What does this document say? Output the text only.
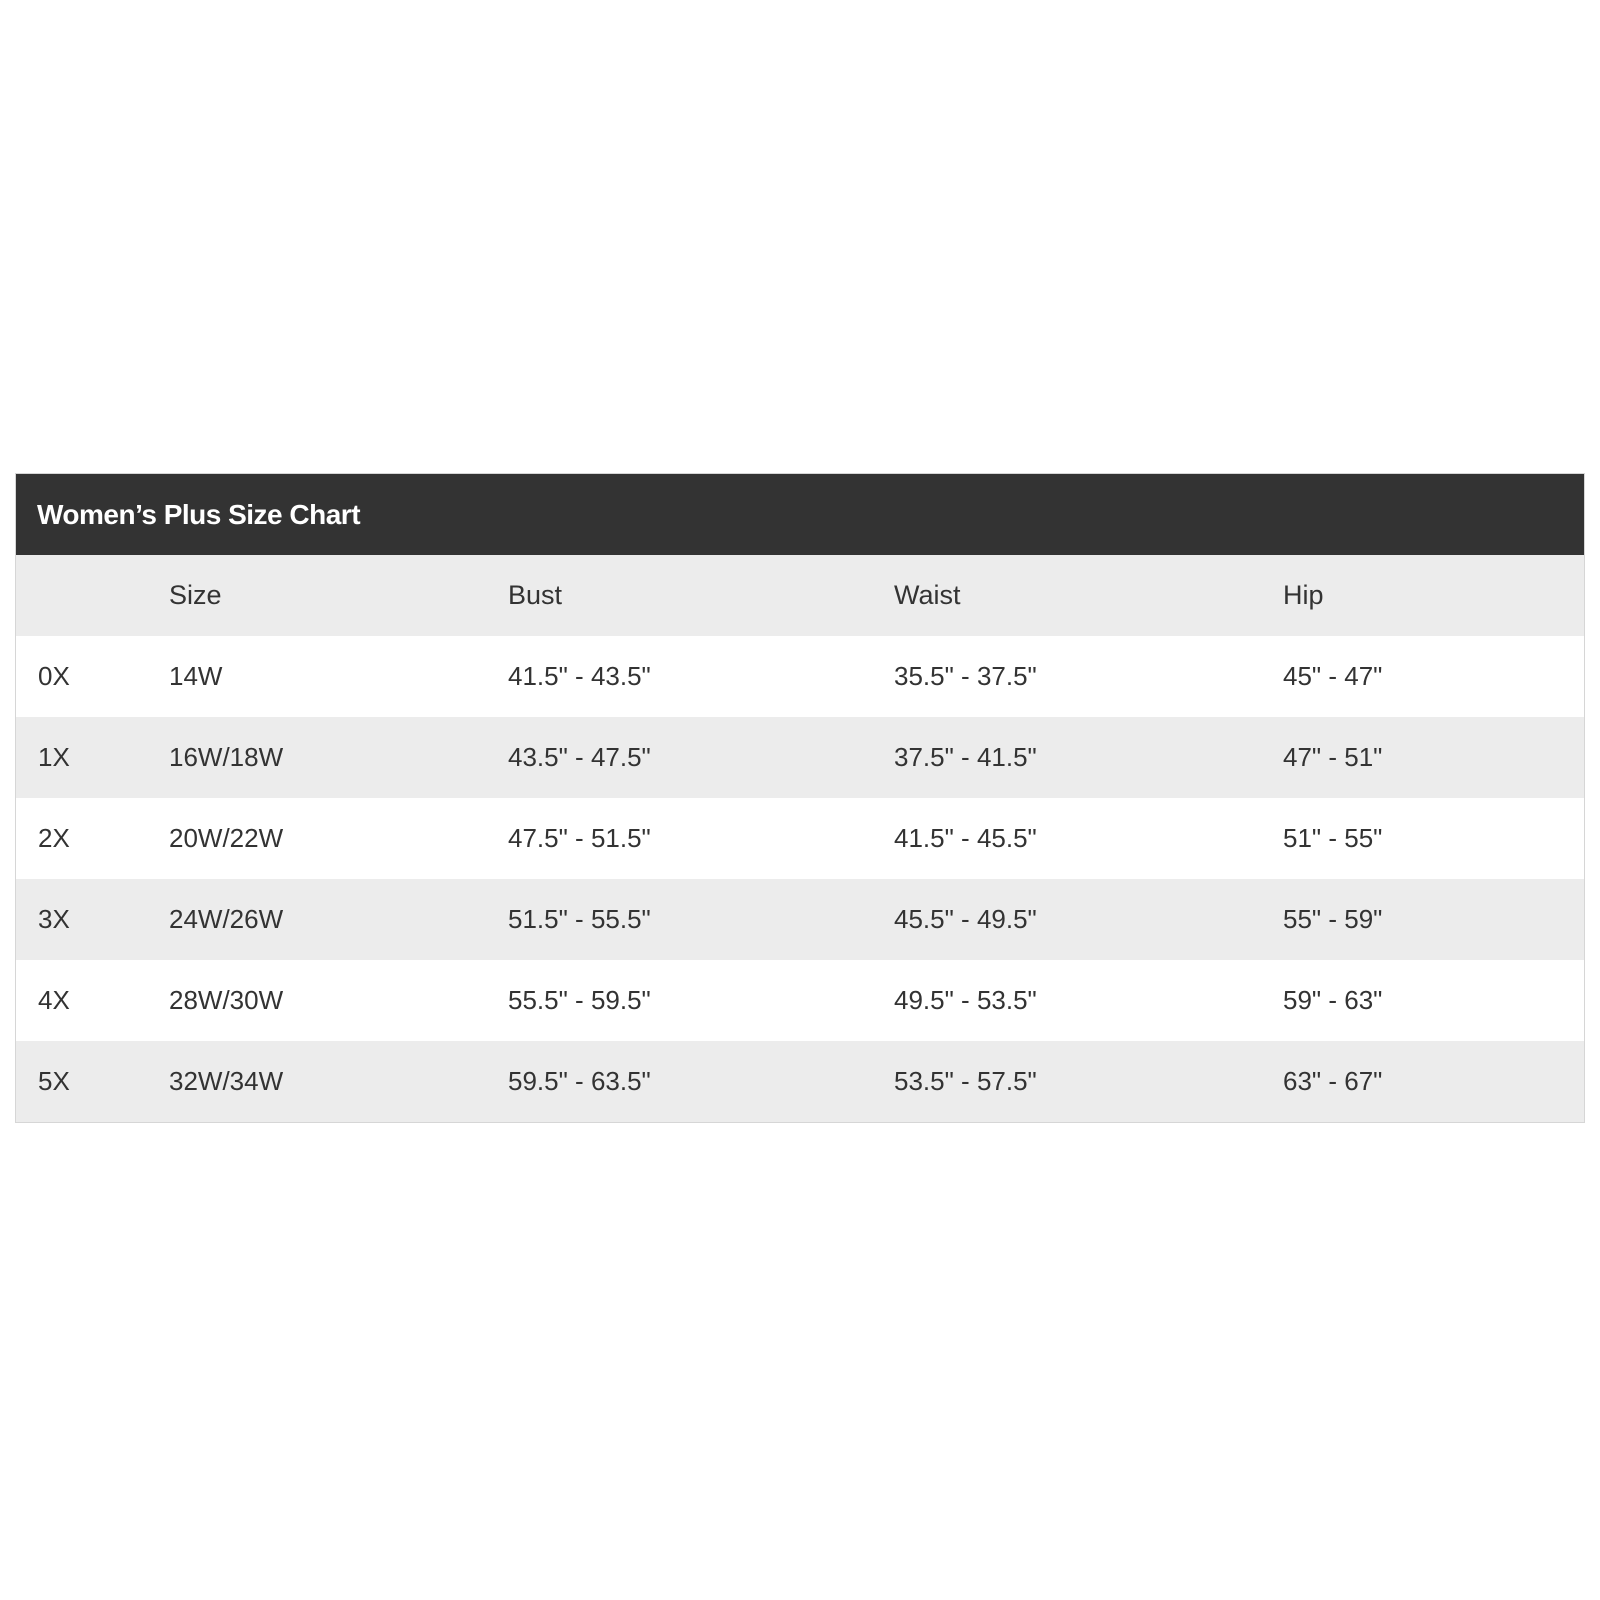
Women’s Plus Size Chart
	Size	Bust	Waist	Hip
0X	14W	41.5" - 43.5"	35.5" - 37.5"	45" - 47"
1X	16W/18W	43.5" - 47.5"	37.5" - 41.5"	47" - 51"
2X	20W/22W	47.5" - 51.5"	41.5" - 45.5"	51" - 55"
3X	24W/26W	51.5" - 55.5"	45.5" - 49.5"	55" - 59"
4X	28W/30W	55.5" - 59.5"	49.5" - 53.5"	59" - 63"
5X	32W/34W	59.5" - 63.5"	53.5" - 57.5"	63" - 67"
